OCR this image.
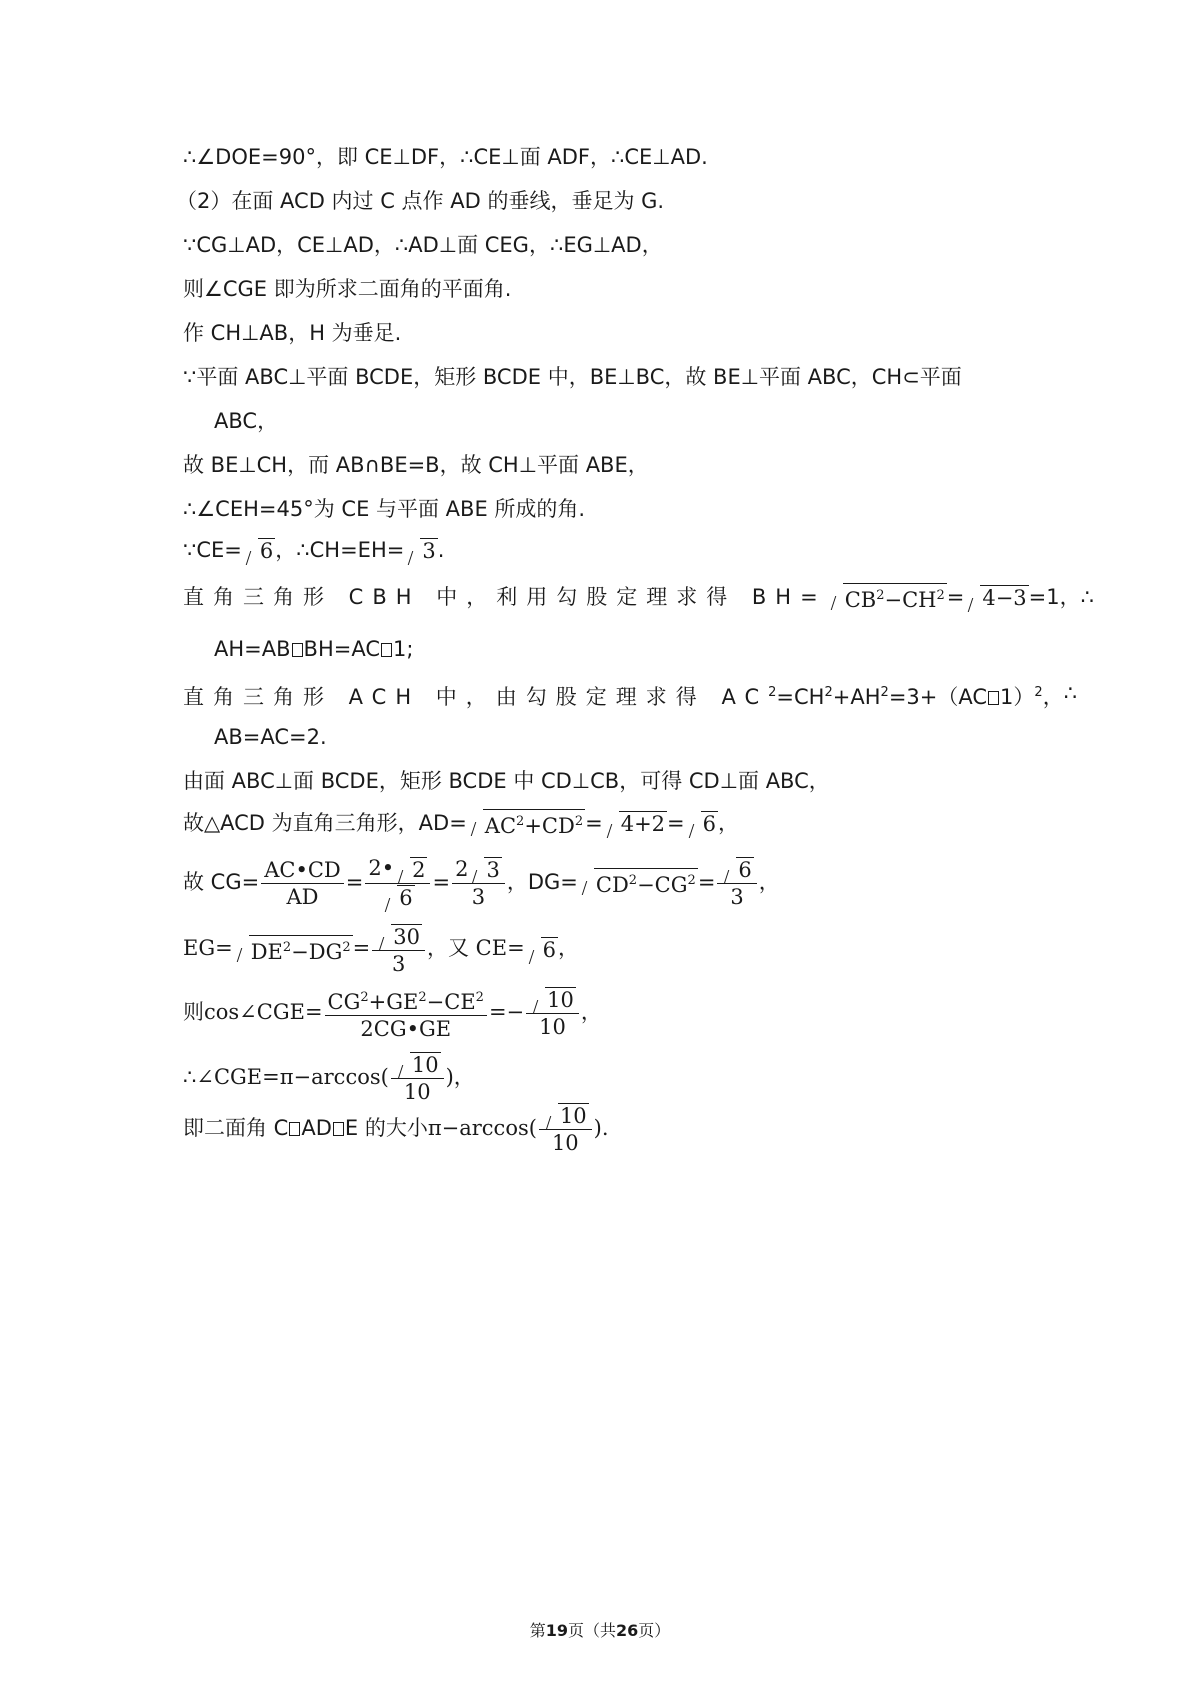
∴∠DOE=90°，即 CE⊥DF，∴CE⊥面 ADF，∴CE⊥AD.
（2）在面 ACD 内过 C 点作 AD 的垂线，垂足为 G.
∵CG⊥AD，CE⊥AD，∴AD⊥面 CEG，∴EG⊥AD，
则∠CGE 即为所求二面角的平面角.
作 CH⊥AB，H 为垂足.
∵平面 ABC⊥平面 BCDE，矩形 BCDE 中，BE⊥BC，故 BE⊥平面 ABC，CH⊂平面
ABC，
故 BE⊥CH，而 AB∩BE=B，故 CH⊥平面 ABE，
∴∠CEH=45°为 CE 与平面 ABE 所成的角.
∵CE= 6，∴CH=EH= 3.
直角三角形 CBH 中，利用勾股定理求得 $BH= CB^2-CH^2= 4-3=1$， ∴
AH=AB BH=AC 1;
直角三角形 ACH 中，由勾股定理求得 $AC^2=CH^2+AH^2=3+(AC$ 1）$^2$， ∴
AB=AC=2.
由面 ABC⊥面 BCDE，矩形 BCDE 中 CD⊥CB，可得 CD⊥面 ABC，
故△ACD 为直角三角形，$AD= AC^2+CD^2= 4+2= 6$，
故 $CG= \frac{AC•CD}{AD} = \frac{2• 2}{6} = \frac{2 3}{3}$ ，$DG= CD^2-CG^2= \frac{6}{3}$ ，
$EG= DE^2-DG^2= \frac{30}{3}$ ，又 CE= 6，
则cos∠CGE= $\frac{CG^2+GE^2-CE^2}{2CG•GE} =- \frac{10}{10}$ ，
∴∠CGE=π−arccos( $\frac{10}{10}$ )，
即二面角 C AD E 的大小$\pi-\arccos( \frac{10}{10}$ ).
第19页（共26页）
